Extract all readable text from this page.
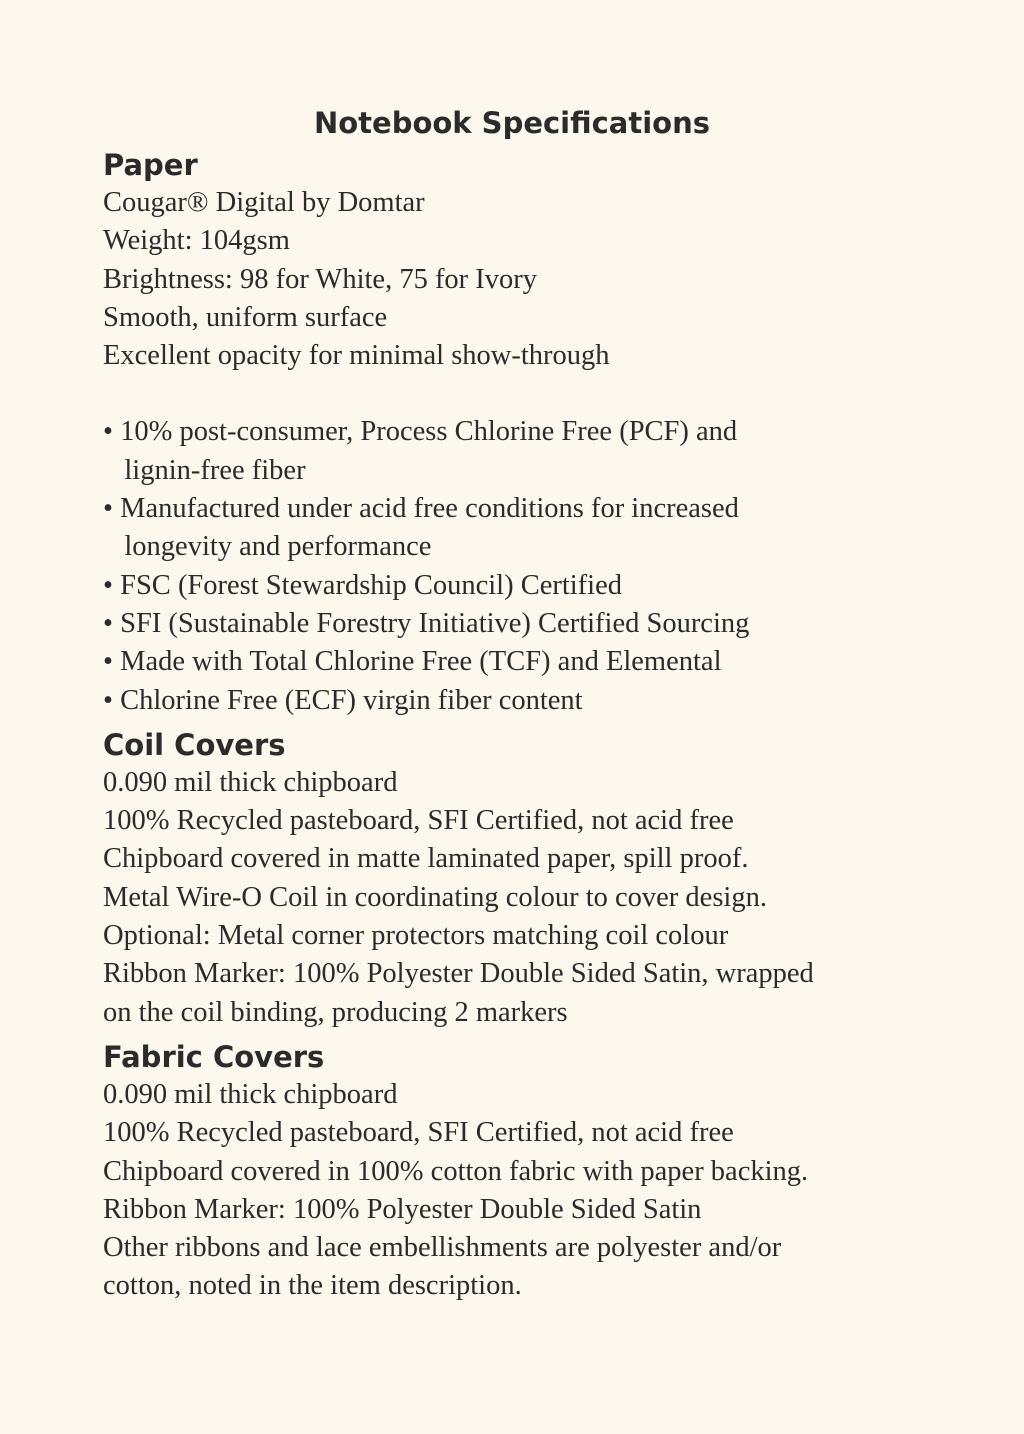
Notebook Specifications
Paper

Cougar® Digital by Domtar

Weight: 104gsm

Brightness: 98 for White, 75 for Ivory

Smooth, uniform surface

Excellent opacity for minimal show-through

• 10% post-consumer, Process Chlorine Free (PCF) and
lignin-free fiber
• Manufactured under acid free conditions for increased
longevity and performance
• FSC (Forest Stewardship Council) Certified
• SFI (Sustainable Forestry Initiative) Certified Sourcing
• Made with Total Chlorine Free (TCF) and Elemental
• Chlorine Free (ECF) virgin fiber content
Coil Covers

0.090 mil thick chipboard

100% Recycled pasteboard, SFI Certified, not acid free

Chipboard covered in matte laminated paper, spill proof.

Metal Wire-O Coil in coordinating colour to cover design.

Optional: Metal corner protectors matching coil colour

Ribbon Marker: 100% Polyester Double Sided Satin, wrapped

on the coil binding, producing 2 markers

Fabric Covers

0.090 mil thick chipboard

100% Recycled pasteboard, SFI Certified, not acid free

Chipboard covered in 100% cotton fabric with paper backing.

Ribbon Marker: 100% Polyester Double Sided Satin

Other ribbons and lace embellishments are polyester and/or

cotton, noted in the item description.
